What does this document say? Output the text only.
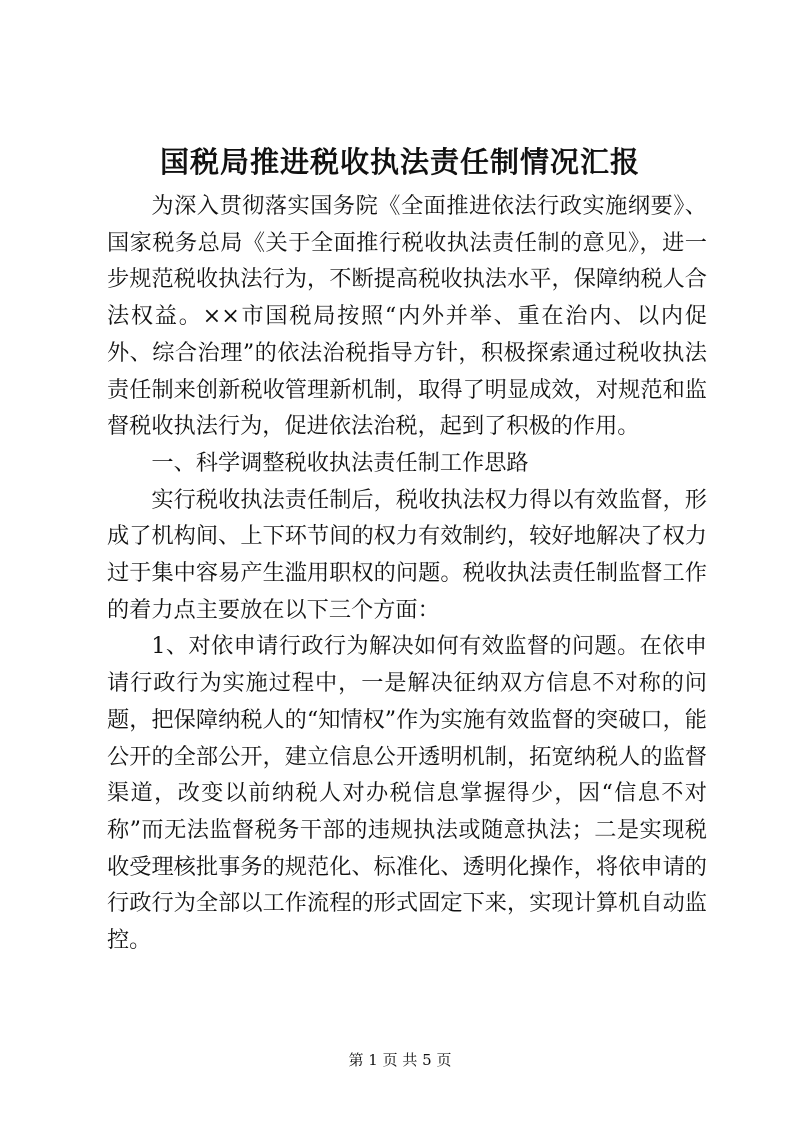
国税局推进税收执法责任制情况汇报

为深入贯彻落实国务院《全面推进依法行政实施纲要》、国家税务总局《关于全面推行税收执法责任制的意见》，进一步规范税收执法行为，不断提高税收执法水平，保障纳税人合法权益。××市国税局按照“内外并举、重在治内、以内促外、综合治理”的依法治税指导方针，积极探索通过税收执法责任制来创新税收管理新机制，取得了明显成效，对规范和监督税收执法行为，促进依法治税，起到了积极的作用。

一、科学调整税收执法责任制工作思路

实行税收执法责任制后，税收执法权力得以有效监督，形成了机构间、上下环节间的权力有效制约，较好地解决了权力过于集中容易产生滥用职权的问题。税收执法责任制监督工作的着力点主要放在以下三个方面：

1、对依申请行政行为解决如何有效监督的问题。在依申请行政行为实施过程中，一是解决征纳双方信息不对称的问题，把保障纳税人的“知情权”作为实施有效监督的突破口，能公开的全部公开，建立信息公开透明机制，拓宽纳税人的监督渠道，改变以前纳税人对办税信息掌握得少，因“信息不对称”而无法监督税务干部的违规执法或随意执法；二是实现税收受理核批事务的规范化、标准化、透明化操作，将依申请的行政行为全部以工作流程的形式固定下来，实现计算机自动监控。

第 1 页 共 5 页
